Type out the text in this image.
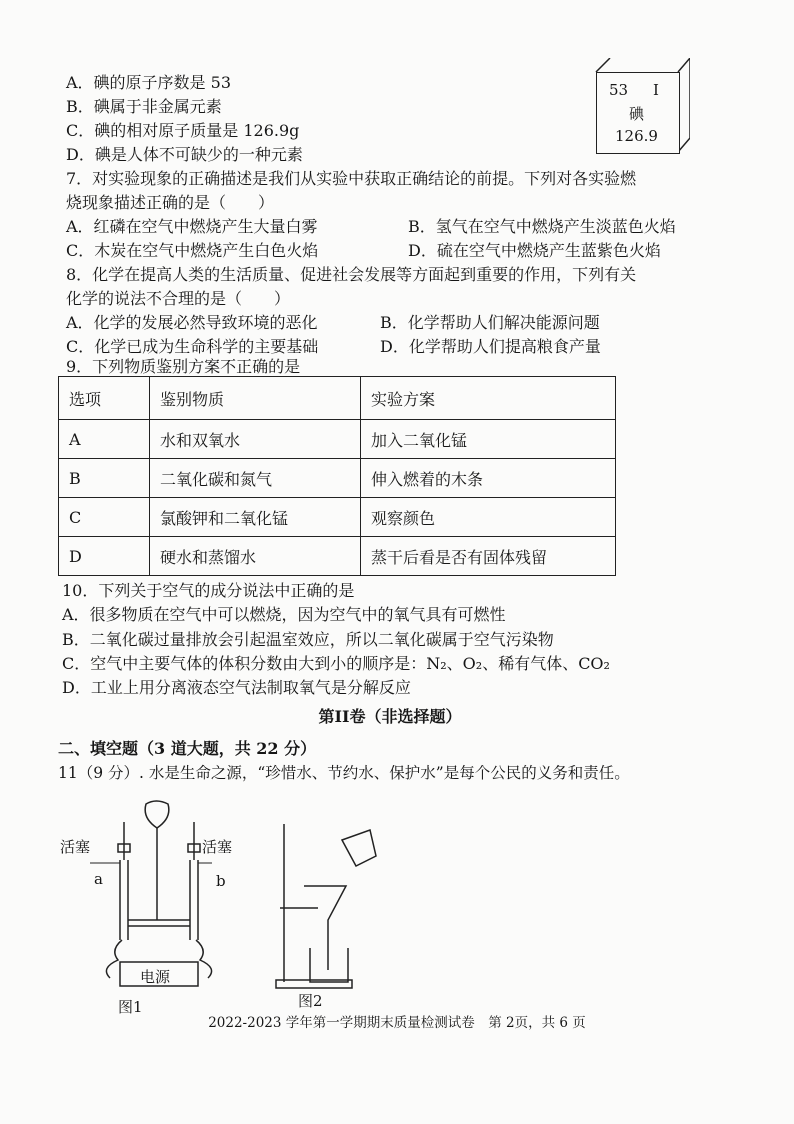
A．碘的原子序数是 53
B．碘属于非金属元素
C．碘的相对原子质量是 126.9g
D．碘是人体不可缺少的一种元素
53 I
碘
126.9
7．对实验现象的正确描述是我们从实验中获取正确结论的前提。下列对各实验燃
烧现象描述正确的是（　　）
A．红磷在空气中燃烧产生大量白雾	B．氢气在空气中燃烧产生淡蓝色火焰
C．木炭在空气中燃烧产生白色火焰	D．硫在空气中燃烧产生蓝紫色火焰
8．化学在提高人类的生活质量、促进社会发展等方面起到重要的作用，下列有关
化学的说法不合理的是（　　）
A．化学的发展必然导致环境的恶化	B．化学帮助人们解决能源问题
C．化学已成为生命科学的主要基础	D．化学帮助人们提高粮食产量
9．下列物质鉴别方案不正确的是
选项	鉴别物质	实验方案
A	水和双氧水	加入二氧化锰
B	二氧化碳和氮气	伸入燃着的木条
C	氯酸钾和二氧化锰	观察颜色
D	硬水和蒸馏水	蒸干后看是否有固体残留
10．下列关于空气的成分说法中正确的是
A．很多物质在空气中可以燃烧，因为空气中的氧气具有可燃性
B．二氧化碳过量排放会引起温室效应，所以二氧化碳属于空气污染物
C．空气中主要气体的体积分数由大到小的顺序是：N₂、O₂、稀有气体、CO₂
D．工业上用分离液态空气法制取氧气是分解反应
第II卷（非选择题）
二、填空题（3 道大题，共 22 分）
11（9 分）. 水是生命之源，“珍惜水、节约水、保护水”是每个公民的义务和责任。
活塞	活塞
a	b
电源
图1	图2
2022-2023 学年第一学期期末质量检测试卷　第 2页，共 6 页
